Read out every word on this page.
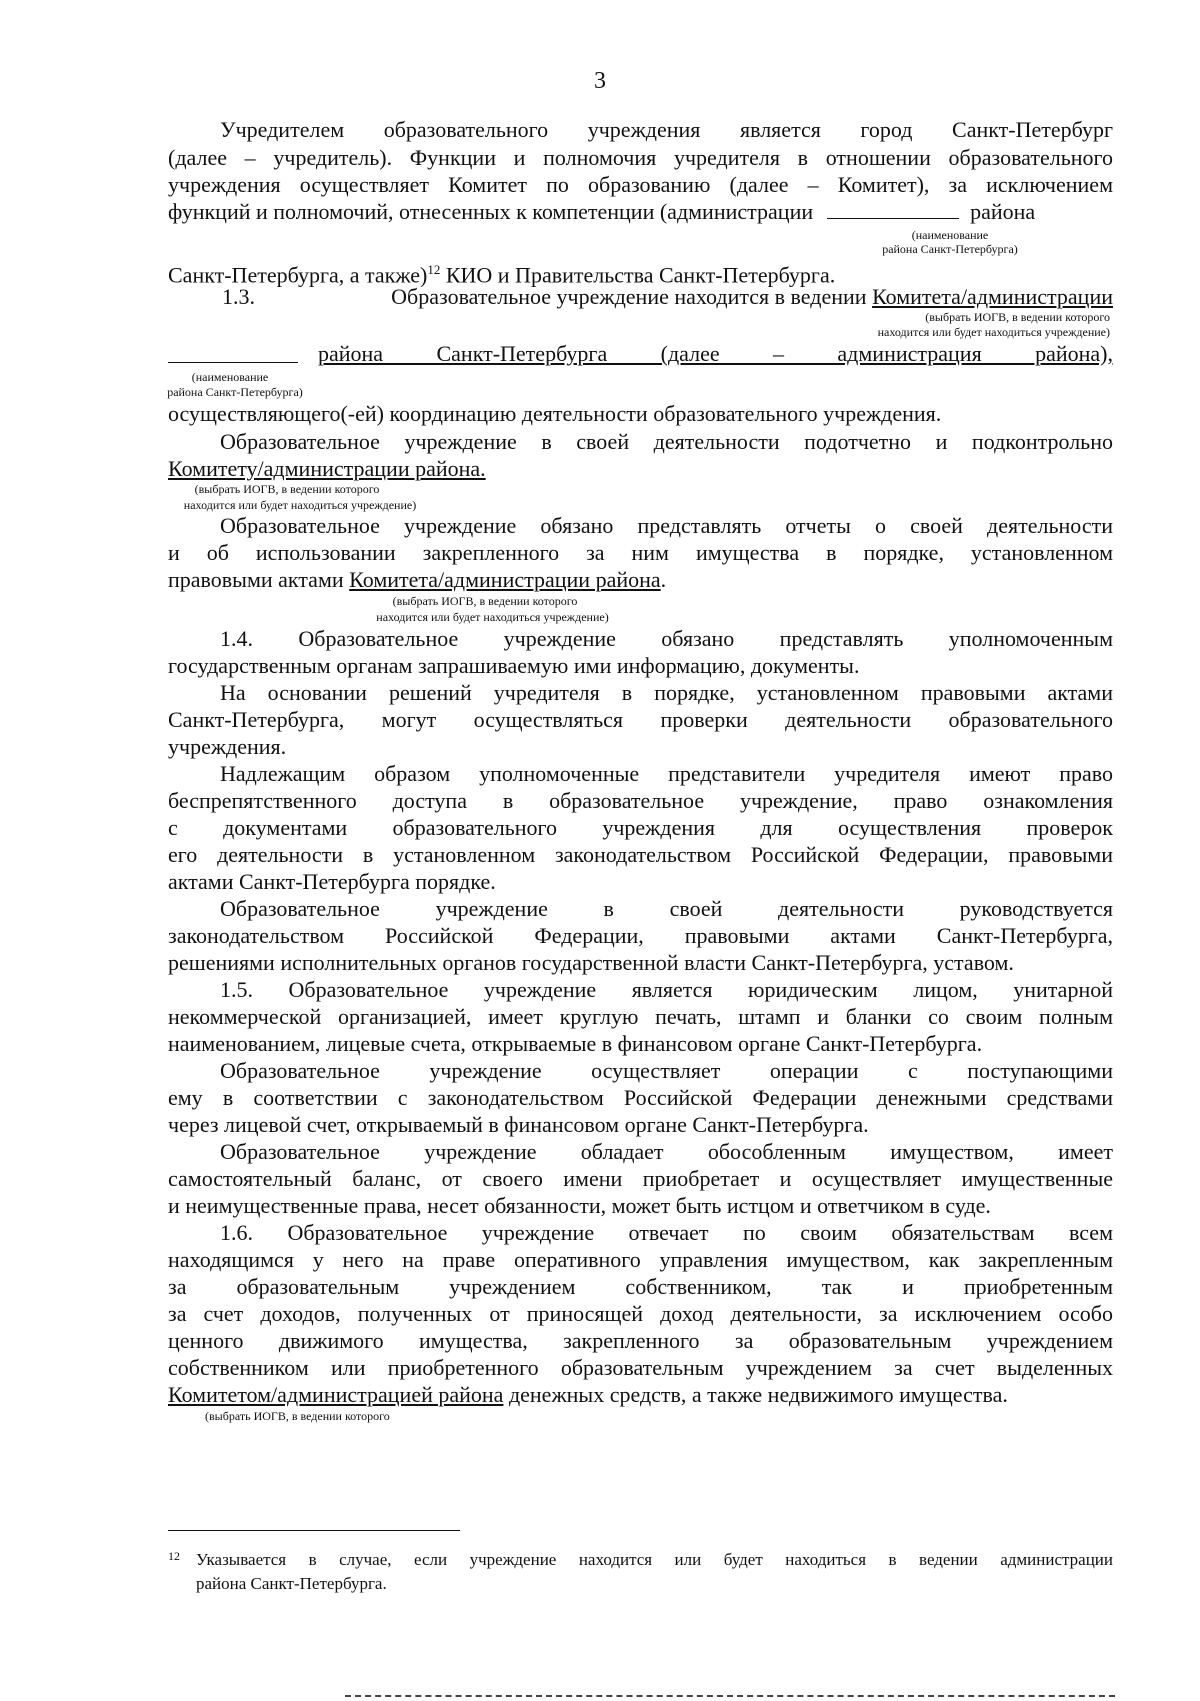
3
Учредителем образовательного учреждения является город Санкт-Петербург
(далее – учредитель). Функции и полномочия учредителя в отношении образовательного
учреждения осуществляет Комитет по образованию (далее – Комитет), за исключением
функций и полномочий, отнесенных к компетенции (администрации	района
(наименование
района Санкт-Петербурга)
Санкт-Петербурга, а также)$^{12}$ КИО и Правительства Санкт-Петербурга.
1.3.	Образовательное учреждение находится в ведении Комитета/администрации
(выбрать ИОГВ, в ведении которого
находится или будет находиться учреждение)
района Санкт-Петербурга (далее – администрация района),
(наименование
района Санкт-Петербурга)
осуществляющего(-ей) координацию деятельности образовательного учреждения.
Образовательное учреждение в своей деятельности подотчетно и подконтрольно
Комитету/администрации района.
(выбрать ИОГВ, в ведении которого
находится или будет находиться учреждение)
Образовательное учреждение обязано представлять отчеты о своей деятельности
и об использовании закрепленного за ним имущества в порядке, установленном
правовыми актами Комитета/администрации района.
(выбрать ИОГВ, в ведении которого
находится или будет находиться учреждение)
1.4. Образовательное учреждение обязано представлять уполномоченным
государственным органам запрашиваемую ими информацию, документы.
На основании решений учредителя в порядке, установленном правовыми актами
Санкт-Петербурга, могут осуществляться проверки деятельности образовательного
учреждения.
Надлежащим образом уполномоченные представители учредителя имеют право
беспрепятственного доступа в образовательное учреждение, право ознакомления
с документами образовательного учреждения для осуществления проверок
его деятельности в установленном законодательством Российской Федерации, правовыми
актами Санкт-Петербурга порядке.
Образовательное учреждение в своей деятельности руководствуется
законодательством Российской Федерации, правовыми актами Санкт-Петербурга,
решениями исполнительных органов государственной власти Санкт-Петербурга, уставом.
1.5. Образовательное учреждение является юридическим лицом, унитарной
некоммерческой организацией, имеет круглую печать, штамп и бланки со своим полным
наименованием, лицевые счета, открываемые в финансовом органе Санкт-Петербурга.
Образовательное учреждение осуществляет операции с поступающими
ему в соответствии с законодательством Российской Федерации денежными средствами
через лицевой счет, открываемый в финансовом органе Санкт-Петербурга.
Образовательное учреждение обладает обособленным имуществом, имеет
самостоятельный баланс, от своего имени приобретает и осуществляет имущественные
и неимущественные права, несет обязанности, может быть истцом и ответчиком в суде.
1.6. Образовательное учреждение отвечает по своим обязательствам всем
находящимся у него на праве оперативного управления имуществом, как закрепленным
за образовательным учреждением собственником, так и приобретенным
за счет доходов, полученных от приносящей доход деятельности, за исключением особо
ценного движимого имущества, закрепленного за образовательным учреждением
собственником или приобретенного образовательным учреждением за счет выделенных
Комитетом/администрацией района денежных средств, а также недвижимого имущества.
(выбрать ИОГВ, в ведении которого
12 Указывается в случае, если учреждение находится или будет находиться в ведении администрации
района Санкт-Петербурга.
